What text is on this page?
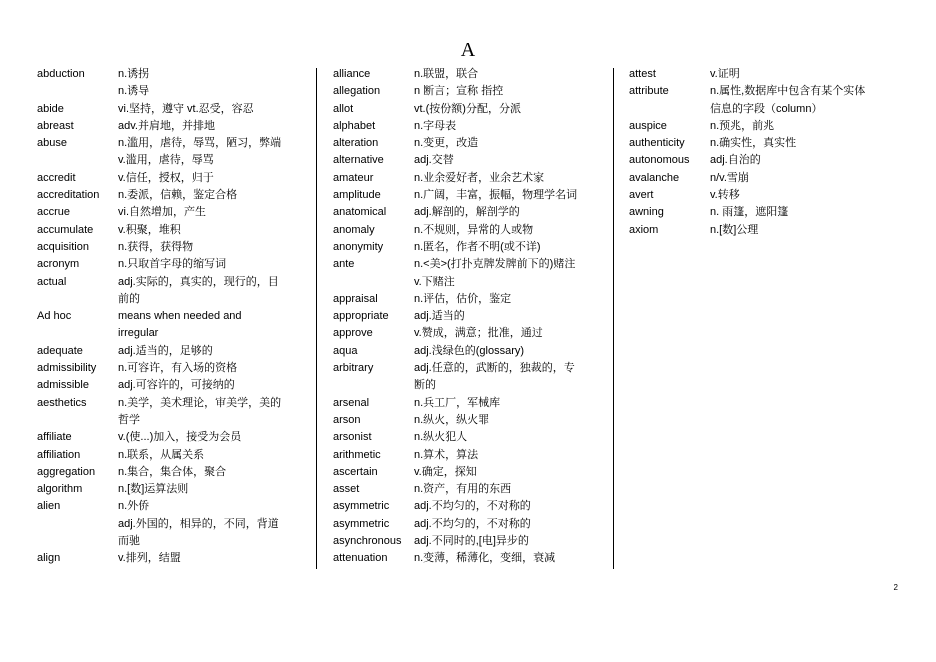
A
abduction	n.诱拐
n.诱导
abide	vi.坚持，遵守 vt.忍受，容忍
abreast	adv.并肩地，并排地
abuse	n.滥用，虐待，辱骂，陋习，弊端
v.滥用，虐待，辱骂
accredit	v.信任，授权，归于
accreditation	n.委派，信赖，鉴定合格
accrue	vi.自然增加，产生
accumulate	v.积聚，堆积
acquisition	n.获得，获得物
acronym	n.只取首字母的缩写词
actual	adj.实际的，真实的，现行的，目
前的
Ad hoc	means when needed and
irregular
adequate	adj.适当的，足够的
admissibility	n.可容许，有入场的资格
admissible	adj.可容许的，可接纳的
aesthetics	n.美学，美术理论，审美学，美的
哲学
affiliate	v.(使...)加入，接受为会员
affiliation	n.联系，从属关系
aggregation	n.集合，集合体，聚合
algorithm	n.[数]运算法则
alien	n.外侨
adj.外国的，相异的，不同，背道
而驰
align	v.排列，结盟
alliance	n.联盟，联合
allegation	n 断言；宣称 指控
allot	vt.(按份额)分配，分派
alphabet	n.字母表
alteration	n.变更，改造
alternative	adj.交替
amateur	n.业余爱好者，业余艺术家
amplitude	n.广阔，丰富，振幅，物理学名词
anatomical	adj.解剖的，解剖学的
anomaly	n.不规则，异常的人或物
anonymity	n.匿名，作者不明(或不详)
ante	n.<美>(打扑克牌发牌前下的)赌注
v.下赌注
appraisal	n.评估，估价，鉴定
appropriate	adj.适当的
approve	v.赞成，满意；批准，通过
aqua	adj.浅绿色的(glossary)
arbitrary	adj.任意的，武断的，独裁的，专
断的
arsenal	n.兵工厂，军械库
arson	n.纵火，纵火罪
arsonist	n.纵火犯人
arithmetic	n.算术，算法
ascertain	v.确定，探知
asset	n.资产，有用的东西
asymmetric	adj.不均匀的，不对称的
asymmetric	adj.不均匀的，不对称的
asynchronous	adj.不同时的,[电]异步的
attenuation	n.变薄，稀薄化，变细，衰减
attest	v.证明
attribute	n.属性,数据库中包含有某个实体
信息的字段（column）
auspice	n.预兆，前兆
authenticity	n.确实性，真实性
autonomous	adj.自治的
avalanche	n/v.雪崩
avert	v.转移
awning	n. 雨篷，遮阳篷
axiom	n.[数]公理
2
